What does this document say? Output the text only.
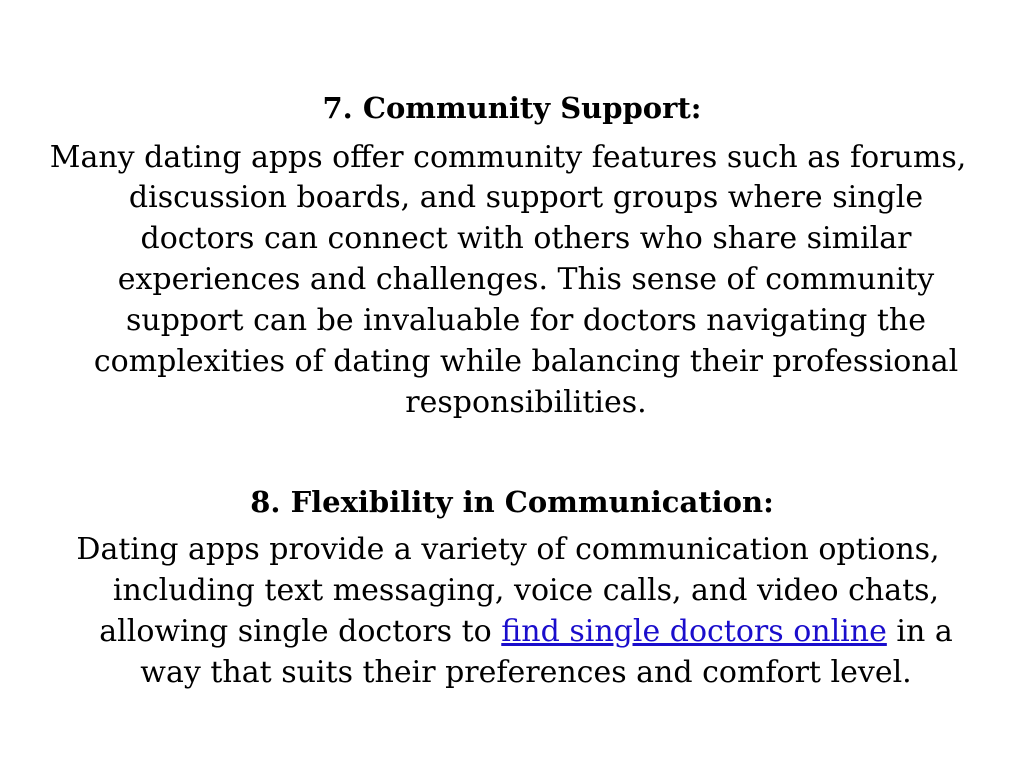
7. Community Support:

Many dating apps offer community features such as forums,

discussion boards, and support groups where single

doctors can connect with others who share similar

experiences and challenges. This sense of community

support can be invaluable for doctors navigating the

complexities of dating while balancing their professional

responsibilities.

8. Flexibility in Communication:

Dating apps provide a variety of communication options,

including text messaging, voice calls, and video chats,

allowing single doctors to find single doctors online in a

way that suits their preferences and comfort level.
